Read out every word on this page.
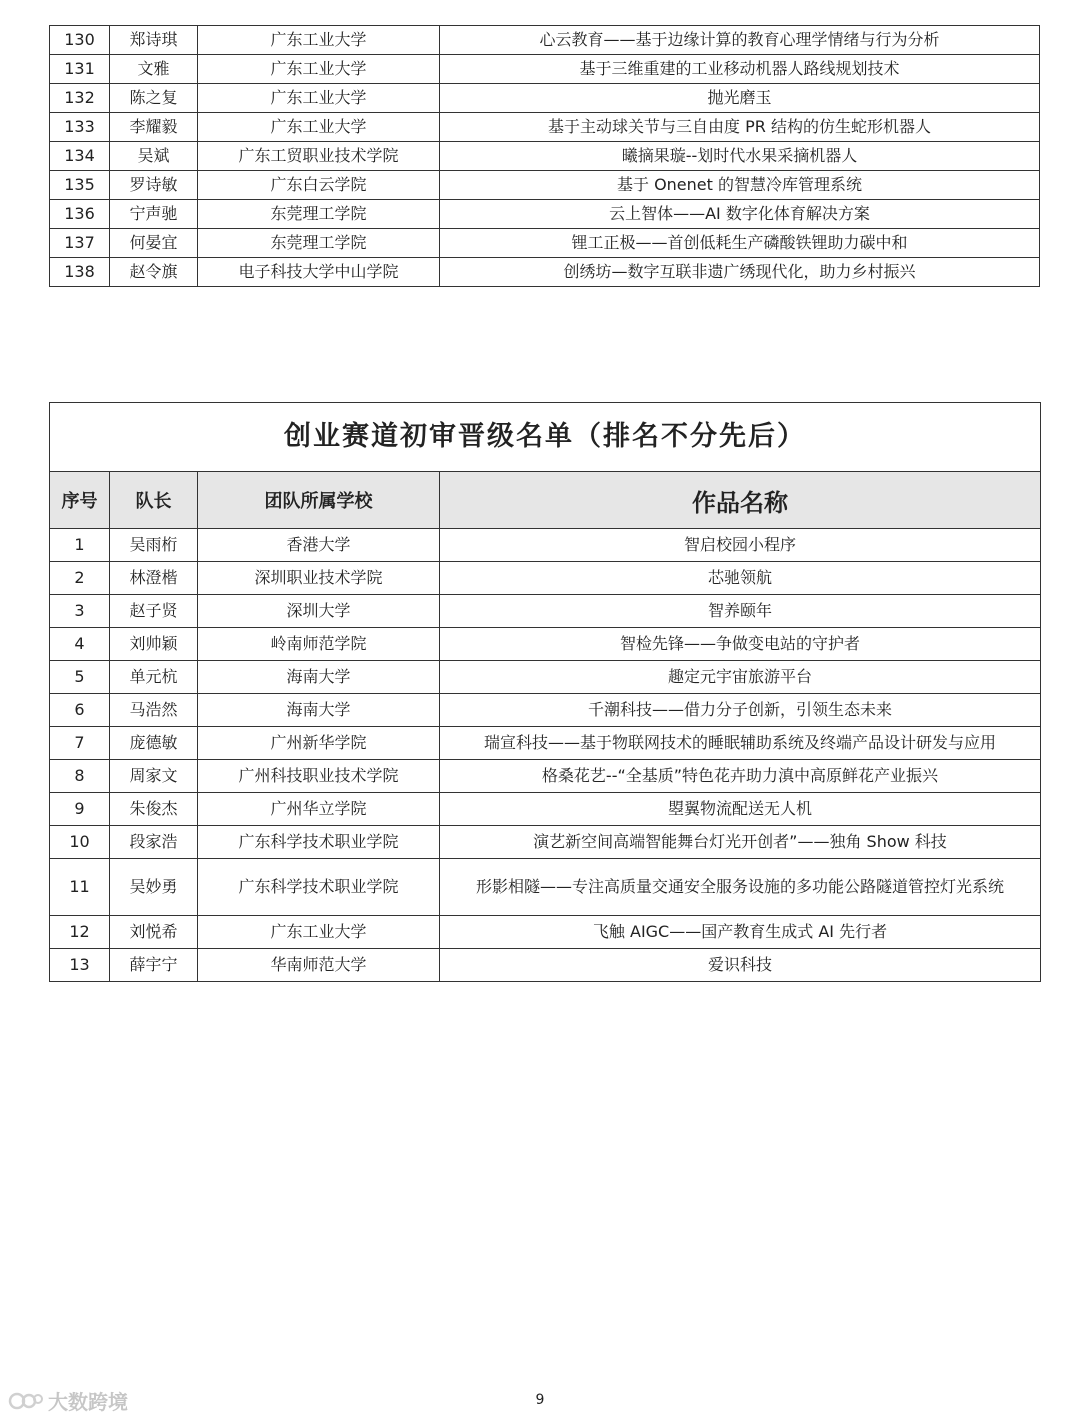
130	郑诗琪	广东工业大学	心云教育——基于边缘计算的教育心理学情绪与行为分析
131	文雅	广东工业大学	基于三维重建的工业移动机器人路线规划技术
132	陈之复	广东工业大学	抛光磨玉
133	李耀毅	广东工业大学	基于主动球关节与三自由度 PR 结构的仿生蛇形机器人
134	吴斌	广东工贸职业技术学院	曦摘果璇--划时代水果采摘机器人
135	罗诗敏	广东白云学院	基于 Onenet 的智慧冷库管理系统
136	宁声驰	东莞理工学院	云上智体——AI 数字化体育解决方案
137	何晏宜	东莞理工学院	锂工正极——首创低耗生产磷酸铁锂助力碳中和
138	赵令旗	电子科技大学中山学院	创绣坊—数字互联非遗广绣现代化，助力乡村振兴
创业赛道初审晋级名单（排名不分先后）			
序号	队长	团队所属学校	作品名称
1	吴雨桁	香港大学	智启校园小程序
2	林澄楷	深圳职业技术学院	芯驰领航
3	赵子贤	深圳大学	智养颐年
4	刘帅颖	岭南师范学院	智检先锋——争做变电站的守护者
5	单元杭	海南大学	趣定元宇宙旅游平台
6	马浩然	海南大学	千潮科技——借力分子创新，引领生态未来
7	庞德敏	广州新华学院	瑞宣科技——基于物联网技术的睡眠辅助系统及终端产品设计研发与应用
8	周家文	广州科技职业技术学院	格桑花艺--“全基质”特色花卉助力滇中高原鲜花产业振兴
9	朱俊杰	广州华立学院	曌翼物流配送无人机
10	段家浩	广东科学技术职业学院	演艺新空间高端智能舞台灯光开创者”——独角 Show 科技
11	吴妙勇	广东科学技术职业学院	形影相隧——专注高质量交通安全服务设施的多功能公路隧道管控灯光系统
12	刘悦希	广东工业大学	飞触 AIGC——国产教育生成式 AI 先行者
13	薛宇宁	华南师范大学	爱识科技
大数跨境	9
